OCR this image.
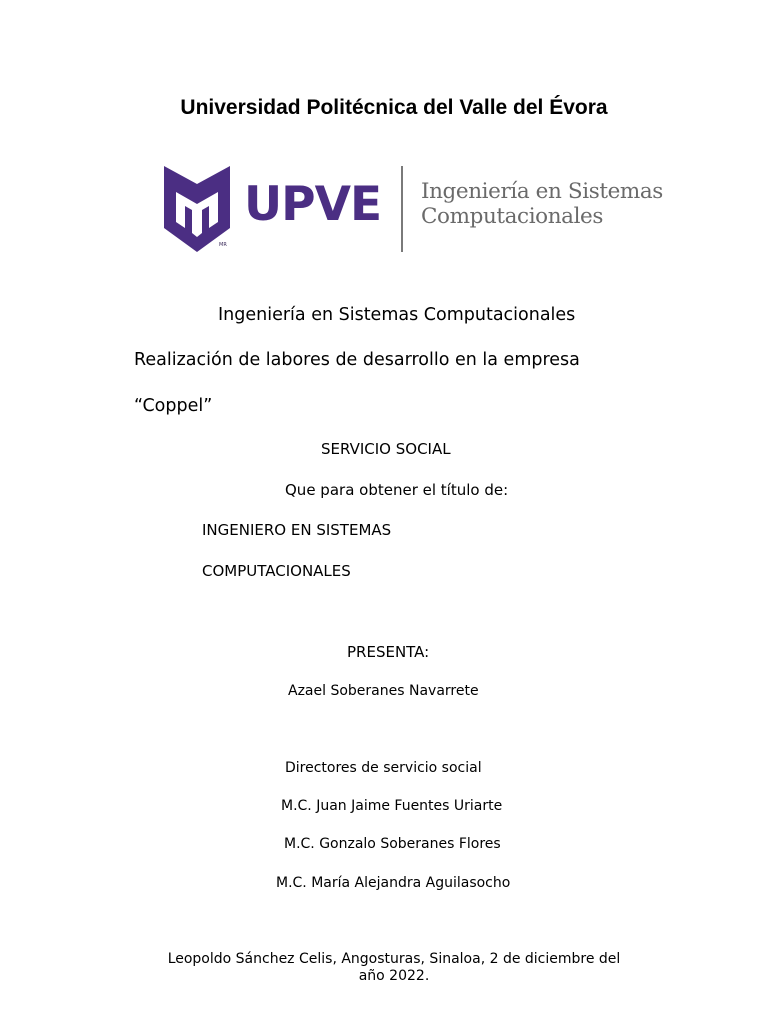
Universidad Politécnica del Valle del Évora
MR
UPVE Ingeniería en Sistemas
Computacionales
Ingeniería en Sistemas Computacionales
Realización de labores de desarrollo en la empresa
“Coppel”
SERVICIO SOCIAL
Que para obtener el título de:
INGENIERO EN SISTEMAS
COMPUTACIONALES
PRESENTA:
Azael Soberanes Navarrete
Directores de servicio social
M.C. Juan Jaime Fuentes Uriarte
M.C. Gonzalo Soberanes Flores
M.C. María Alejandra Aguilasocho
Leopoldo Sánchez Celis, Angosturas, Sinaloa, 2 de diciembre del
año 2022.
